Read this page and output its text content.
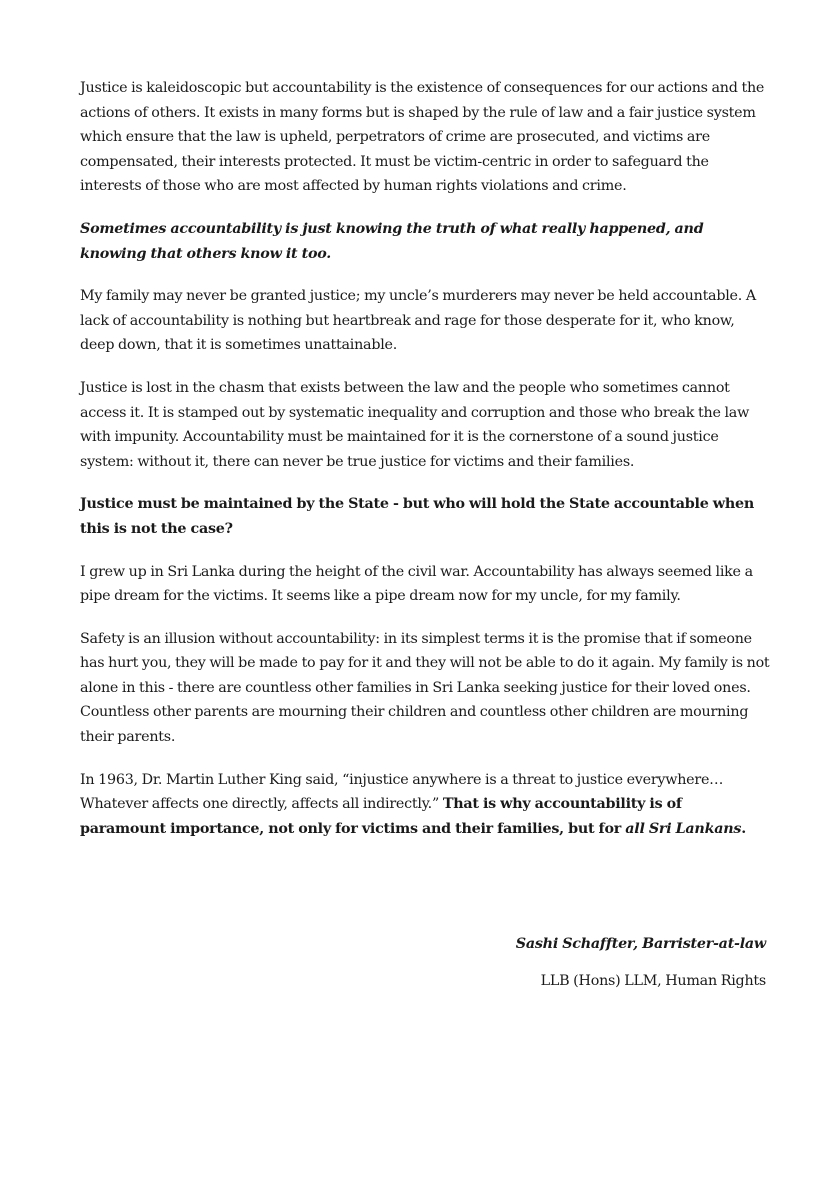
Justice is kaleidoscopic but accountability is the existence of consequences for our actions and the actions of others. It exists in many forms but is shaped by the rule of law and a fair justice system which ensure that the law is upheld, perpetrators of crime are prosecuted, and victims are compensated, their interests protected. It must be victim-centric in order to safeguard the interests of those who are most affected by human rights violations and crime.

Sometimes accountability is just knowing the truth of what really happened, and knowing that others know it too.

My family may never be granted justice; my uncle’s murderers may never be held accountable. A lack of accountability is nothing but heartbreak and rage for those desperate for it, who know, deep down, that it is sometimes unattainable.

Justice is lost in the chasm that exists between the law and the people who sometimes cannot access it. It is stamped out by systematic inequality and corruption and those who break the law with impunity. Accountability must be maintained for it is the cornerstone of a sound justice system: without it, there can never be true justice for victims and their families.

Justice must be maintained by the State - but who will hold the State accountable when this is not the case?

I grew up in Sri Lanka during the height of the civil war. Accountability has always seemed like a pipe dream for the victims. It seems like a pipe dream now for my uncle, for my family.

Safety is an illusion without accountability: in its simplest terms it is the promise that if someone has hurt you, they will be made to pay for it and they will not be able to do it again. My family is not alone in this - there are countless other families in Sri Lanka seeking justice for their loved ones. Countless other parents are mourning their children and countless other children are mourning their parents.

In 1963, Dr. Martin Luther King said, “injustice anywhere is a threat to justice everywhere… Whatever affects one directly, affects all indirectly.” That is why accountability is of paramount importance, not only for victims and their families, but for all Sri Lankans.

Sashi Schaffter, Barrister-at-law

LLB (Hons) LLM, Human Rights
